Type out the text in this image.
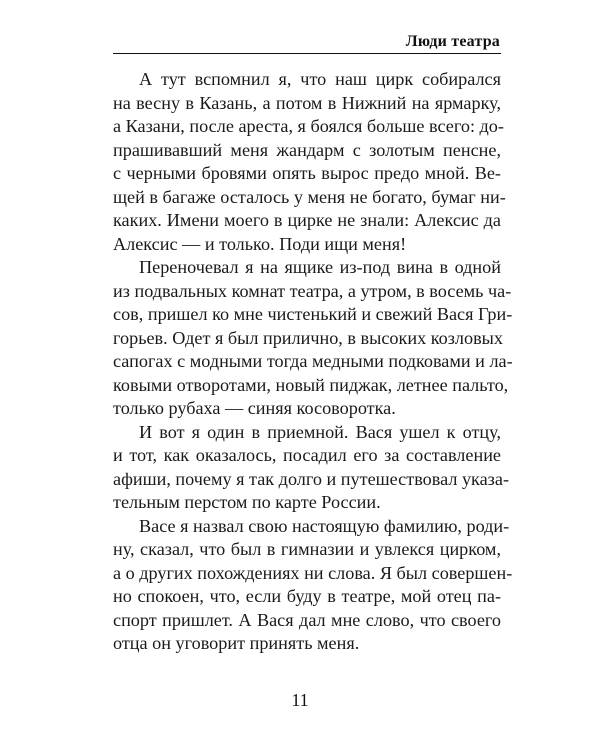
Люди театра
А тут вспомнил я, что наш цирк собирался
на весну в Казань, а потом в Нижний на ярмарку,
а Казани, после ареста, я боялся больше всего: до-
прашивавший меня жандарм с золотым пенсне,
с черными бровями опять вырос предо мной. Ве-
щей в багаже осталось у меня не богато, бумаг ни-
каких. Имени моего в цирке не знали: Алексис да
Алексис — и только. Поди ищи меня!
Переночевал я на ящике из-под вина в одной
из подвальных комнат театра, а утром, в восемь ча-
сов, пришел ко мне чистенький и свежий Вася Гри-
горьев. Одет я был прилично, в высоких козловых
сапогах с модными тогда медными подковами и ла-
ковыми отворотами, новый пиджак, летнее пальто,
только рубаха — синяя косоворотка.
И вот я один в приемной. Вася ушел к отцу,
и тот, как оказалось, посадил его за составление
афиши, почему я так долго и путешествовал указа-
тельным перстом по карте России.
Васе я назвал свою настоящую фамилию, роди-
ну, сказал, что был в гимназии и увлекся цирком,
а о других похождениях ни слова. Я был совершен-
но спокоен, что, если буду в театре, мой отец па-
спорт пришлет. А Вася дал мне слово, что своего
отца он уговорит принять меня.
11
